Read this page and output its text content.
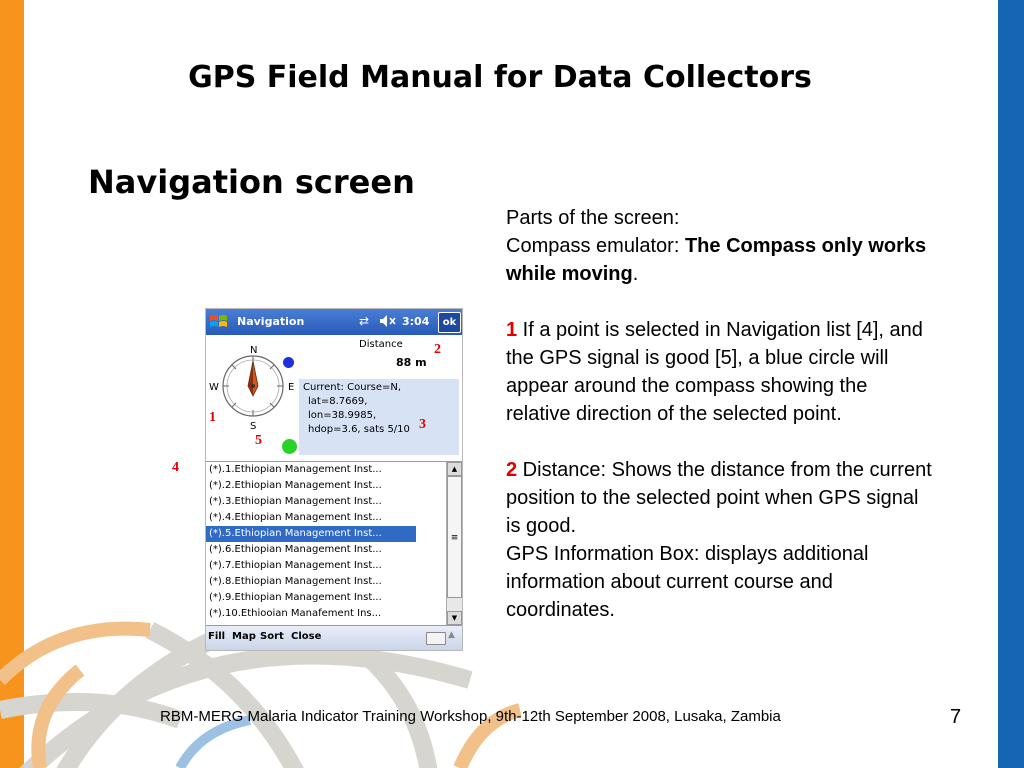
GPS Field Manual for Data Collectors
Navigation screen

Parts of the screen:

Compass emulator: The Compass only works while moving.

1 If a point is selected in Navigation list [4], and the GPS signal is good [5], a blue circle will appear around the compass showing the relative direction of the selected point.

2 Distance: Shows the distance from the current position to the selected point when GPS signal is good.

GPS Information Box: displays additional information about current course and coordinates.

Navigation	⇄	3:04	ok
N
S
W	E
Distance
88 m
Current: Course=N,
lat=8.7669,
lon=38.9985,
hdop=3.6, sats 5/10
(*).1.Ethiopian Management Inst...
(*).2.Ethiopian Management Inst...
(*).3.Ethiopian Management Inst...
(*).4.Ethiopian Management Inst...
(*).5.Ethiopian Management Inst...
(*).6.Ethiopian Management Inst...
(*).7.Ethiopian Management Inst...
(*).8.Ethiopian Management Inst...
(*).9.Ethiopian Management Inst...
(*).10.Ethiooian Manafement Ins...
▲
≡
▼
Fill Map Sort Close	▲
1
2
3
4
5
RBM-MERG Malaria Indicator Training Workshop, 9th-12th September 2008, Lusaka, Zambia	7
